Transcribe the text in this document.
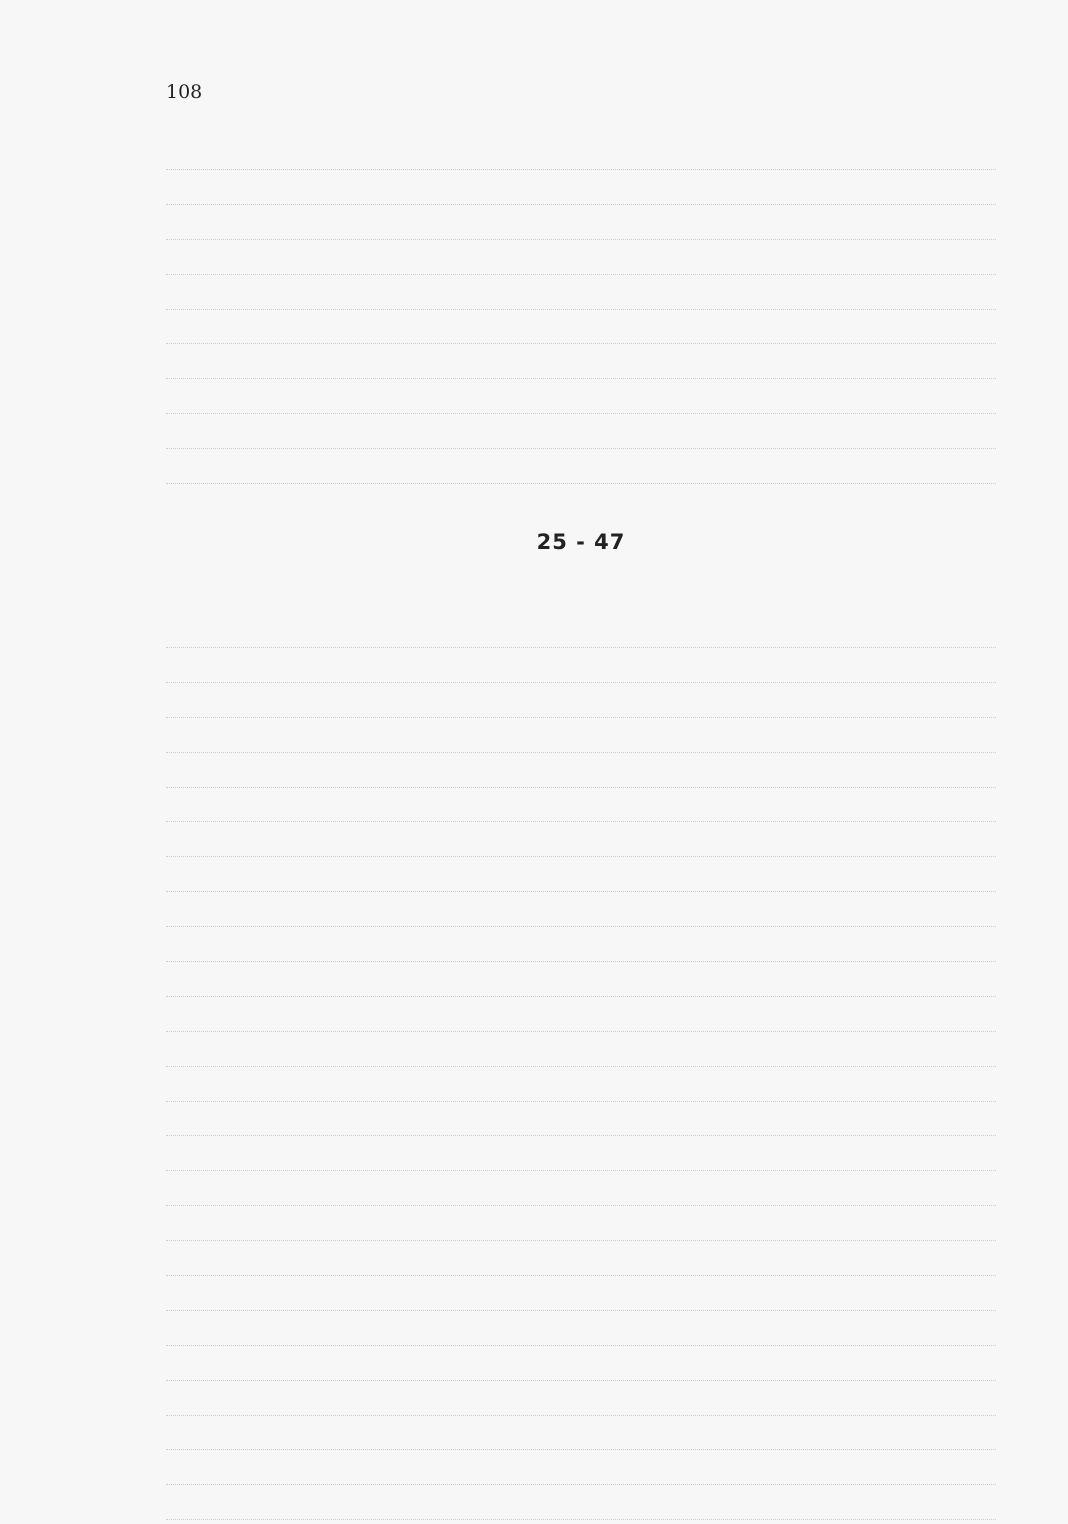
108
25 - 47
